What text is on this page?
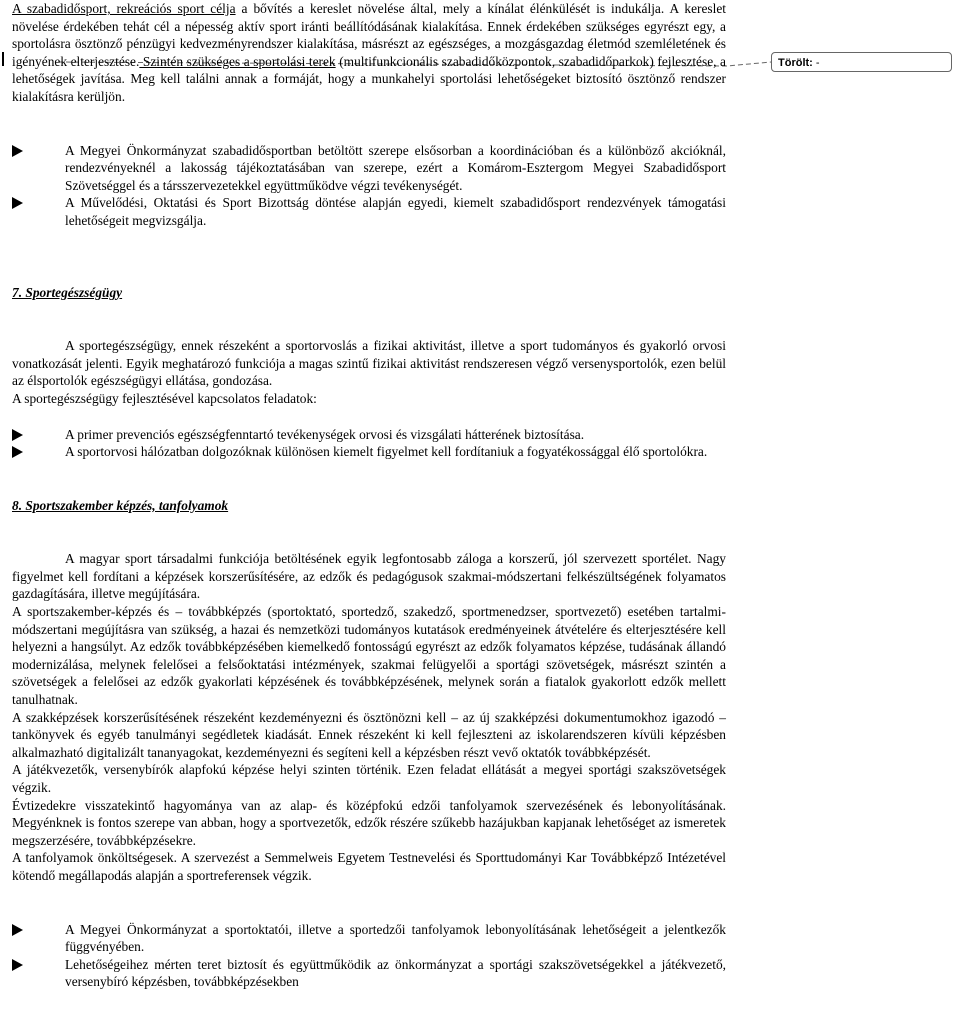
Törölt: -

A szabadidősport, rekreációs sport célja a bővítés a kereslet növelése által, mely a kínálat élénkülését is indukálja. A kereslet növelése érdekében tehát cél a népesség aktív sport iránti beállítódásának kialakítása. Ennek érdekében szükséges egyrészt egy, a sportolásra ösztönző pénzügyi kedvezményrendszer kialakítása, másrészt az egészséges, a mozgásgazdag életmód szemléletének és igényének elterjesztése. Szintén szükséges a sportolási terek (multifunkcionális szabadidőközpontok, szabadidőparkok) fejlesztése, a lehetőségek javítása. Meg kell találni annak a formáját, hogy a munkahelyi sportolási lehetőségeket biztosító ösztönző rendszer kialakításra kerüljön.

A Megyei Önkormányzat szabadidősportban betöltött szerepe elsősorban a koordinációban és a különböző akcióknál, rendezvényeknél a lakosság tájékoztatásában van szerepe, ezért a Komárom-Esztergom Megyei Szabadidősport Szövetséggel és a társszervezetekkel együttműködve végzi tevékenységét.
A Művelődési, Oktatási és Sport Bizottság döntése alapján egyedi, kiemelt szabadidősport rendezvények támogatási lehetőségeit megvizsgálja.
7. Sportegészségügy

A sportegészségügy, ennek részeként a sportorvoslás a fizikai aktivitást, illetve a sport tudományos és gyakorló orvosi vonatkozását jelenti. Egyik meghatározó funkciója a magas szintű fizikai aktivitást rendszeresen végző versenysportolók, ezen belül az élsportolók egészségügyi ellátása, gondozása.

A sportegészségügy fejlesztésével kapcsolatos feladatok:

A primer prevenciós egészségfenntartó tevékenységek orvosi és vizsgálati hátterének biztosítása.
A sportorvosi hálózatban dolgozóknak különösen kiemelt figyelmet kell fordítaniuk a fogyatékossággal élő sportolókra.
8. Sportszakember képzés, tanfolyamok

A magyar sport társadalmi funkciója betöltésének egyik legfontosabb záloga a korszerű, jól szervezett sportélet. Nagy figyelmet kell fordítani a képzések korszerűsítésére, az edzők és pedagógusok szakmai-módszertani felkészültségének folyamatos gazdagítására, illetve megújítására.

A sportszakember-képzés és – továbbképzés (sportoktató, sportedző, szakedző, sportmenedzser, sportvezető) esetében tartalmi-módszertani megújításra van szükség, a hazai és nemzetközi tudományos kutatások eredményeinek átvételére és elterjesztésére kell helyezni a hangsúlyt. Az edzők továbbképzésében kiemelkedő fontosságú egyrészt az edzők folyamatos képzése, tudásának állandó modernizálása, melynek felelősei a felsőoktatási intézmények, szakmai felügyelői a sportági szövetségek, másrészt szintén a szövetségek a felelősei az edzők gyakorlati képzésének és továbbképzésének, melynek során a fiatalok gyakorlott edzők mellett tanulhatnak.

A szakképzések korszerűsítésének részeként kezdeményezni és ösztönözni kell – az új szakképzési dokumentumokhoz igazodó – tankönyvek és egyéb tanulmányi segédletek kiadását. Ennek részeként ki kell fejleszteni az iskolarendszeren kívüli képzésben alkalmazható digitalizált tananyagokat, kezdeményezni és segíteni kell a képzésben részt vevő oktatók továbbképzését.

A játékvezetők, versenybírók alapfokú képzése helyi szinten történik. Ezen feladat ellátását a megyei sportági szakszövetségek végzik.

Évtizedekre visszatekintő hagyománya van az alap- és középfokú edzői tanfolyamok szervezésének és lebonyolításának. Megyénknek is fontos szerepe van abban, hogy a sportvezetők, edzők részére szűkebb hazájukban kapjanak lehetőséget az ismeretek megszerzésére, továbbképzésekre.

A tanfolyamok önköltségesek. A szervezést a Semmelweis Egyetem Testnevelési és Sporttudományi Kar Továbbképző Intézetével kötendő megállapodás alapján a sportreferensek végzik.

A Megyei Önkormányzat a sportoktatói, illetve a sportedzői tanfolyamok lebonyolításának lehetőségeit a jelentkezők függvényében.
Lehetőségeihez mérten teret biztosít és együttműködik az önkormányzat a sportági szakszövetségekkel a játékvezető, versenybíró képzésben, továbbképzésekben
